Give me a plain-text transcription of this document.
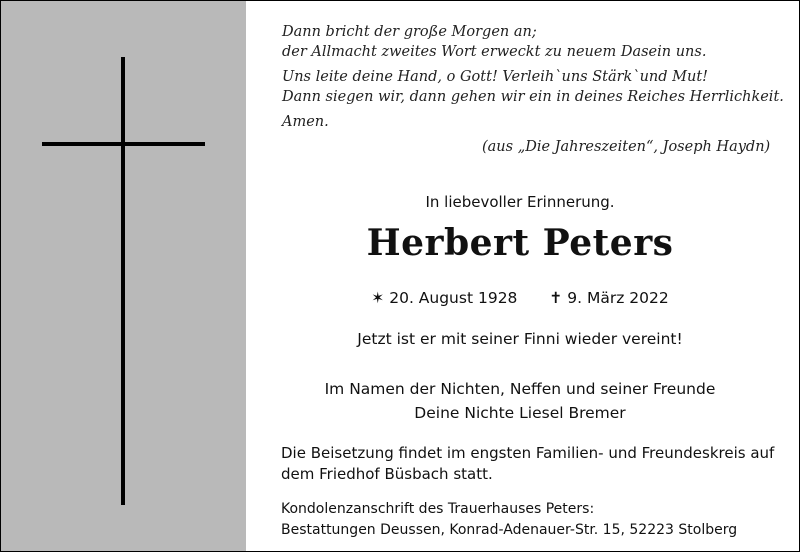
Dann bricht der große Morgen an;
der Allmacht zweites Wort erweckt zu neuem Dasein uns.
Uns leite deine Hand, o Gott! Verleih`uns Stärk`und Mut!
Dann siegen wir, dann gehen wir ein in deines Reiches Herrlichkeit.
Amen.
(aus „Die Jahreszeiten“, Joseph Haydn)
In liebevoller Erinnerung.
Herbert Peters
✶ 20. August 1928 ✝ 9. März 2022
Jetzt ist er mit seiner Finni wieder vereint!
Im Namen der Nichten, Neffen und seiner Freunde
Deine Nichte Liesel Bremer
Die Beisetzung findet im engsten Familien- und Freundeskreis auf
dem Friedhof Büsbach statt.
Kondolenzanschrift des Trauerhauses Peters:
Bestattungen Deussen, Konrad-Adenauer-Str. 15, 52223 Stolberg
